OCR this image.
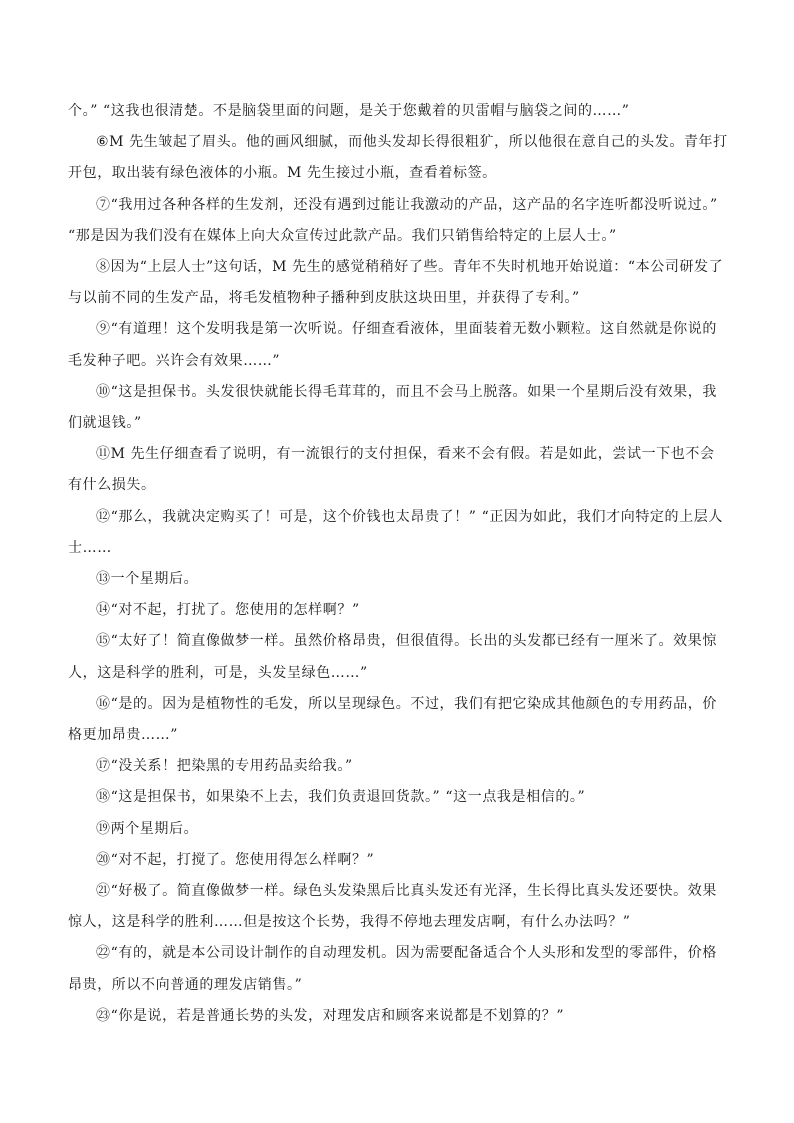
个。” “这我也很清楚。不是脑袋里面的问题，是关于您戴着的贝雷帽与脑袋之间的……”

⑥M 先生皱起了眉头。他的画风细腻，而他头发却长得很粗犷，所以他很在意自己的头发。青年打开包，取出装有绿色液体的小瓶。M 先生接过小瓶，查看着标签。

⑦“我用过各种各样的生发剂，还没有遇到过能让我激动的产品，这产品的名字连听都没听说过。” “那是因为我们没有在媒体上向大众宣传过此款产品。我们只销售给特定的上层人士。”

⑧因为“上层人士”这句话，M 先生的感觉稍稍好了些。青年不失时机地开始说道：“本公司研发了与以前不同的生发产品，将毛发植物种子播种到皮肤这块田里，并获得了专利。”

⑨“有道理！这个发明我是第一次听说。仔细查看液体，里面装着无数小颗粒。这自然就是你说的毛发种子吧。兴许会有效果……”

⑩“这是担保书。头发很快就能长得毛茸茸的，而且不会马上脱落。如果一个星期后没有效果，我们就退钱。”

⑪M 先生仔细查看了说明，有一流银行的支付担保，看来不会有假。若是如此，尝试一下也不会有什么损失。

⑫“那么，我就决定购买了！可是，这个价钱也太昂贵了！” “正因为如此，我们才向特定的上层人士……

⑬一个星期后。

⑭“对不起，打扰了。您使用的怎样啊？”

⑮“太好了！简直像做梦一样。虽然价格昂贵，但很值得。长出的头发都已经有一厘米了。效果惊人，这是科学的胜利，可是，头发呈绿色……”

⑯“是的。因为是植物性的毛发，所以呈现绿色。不过，我们有把它染成其他颜色的专用药品，价格更加昂贵……”

⑰“没关系！把染黑的专用药品卖给我。”

⑱“这是担保书，如果染不上去，我们负责退回货款。” “这一点我是相信的。”

⑲两个星期后。

⑳“对不起，打搅了。您使用得怎么样啊？”

㉑“好极了。简直像做梦一样。绿色头发染黑后比真头发还有光泽，生长得比真头发还要快。效果惊人，这是科学的胜利……但是按这个长势，我得不停地去理发店啊，有什么办法吗？”

㉒“有的，就是本公司设计制作的自动理发机。因为需要配备适合个人头形和发型的零部件，价格昂贵，所以不向普通的理发店销售。”

㉓“你是说，若是普通长势的头发，对理发店和顾客来说都是不划算的？”
